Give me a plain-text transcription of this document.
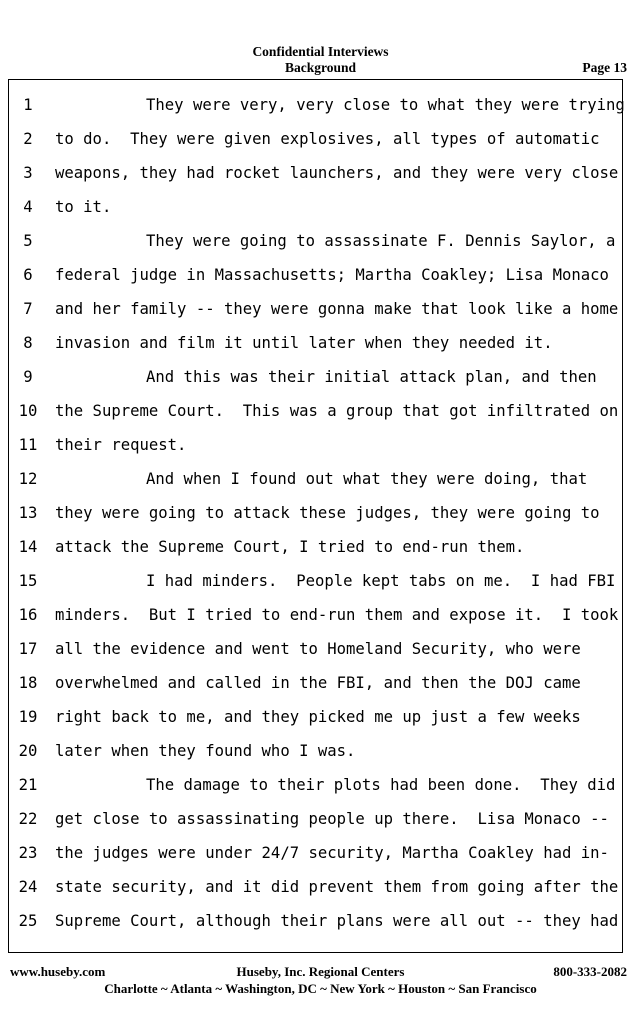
Confidential Interviews
Background	Page 13
1	They were very, very close to what they were trying
2	to do.  They were given explosives, all types of automatic
3	weapons, they had rocket launchers, and they were very close
4	to it.
5	They were going to assassinate F. Dennis Saylor, a
6	federal judge in Massachusetts; Martha Coakley; Lisa Monaco
7	and her family -- they were gonna make that look like a home
8	invasion and film it until later when they needed it.
9	And this was their initial attack plan, and then
10	the Supreme Court.  This was a group that got infiltrated on
11	their request.
12	And when I found out what they were doing, that
13	they were going to attack these judges, they were going to
14	attack the Supreme Court, I tried to end-run them.
15	I had minders.  People kept tabs on me.  I had FBI
16	minders.  But I tried to end-run them and expose it.  I took
17	all the evidence and went to Homeland Security, who were
18	overwhelmed and called in the FBI, and then the DOJ came
19	right back to me, and they picked me up just a few weeks
20	later when they found who I was.
21	The damage to their plots had been done.  They did
22	get close to assassinating people up there.  Lisa Monaco --
23	the judges were under 24/7 security, Martha Coakley had in-
24	state security, and it did prevent them from going after the
25	Supreme Court, although their plans were all out -- they had
Huseby, Inc. Regional Centers
www.huseby.com	800-333-2082
Charlotte ~ Atlanta ~ Washington, DC ~ New York ~ Houston ~ San Francisco
